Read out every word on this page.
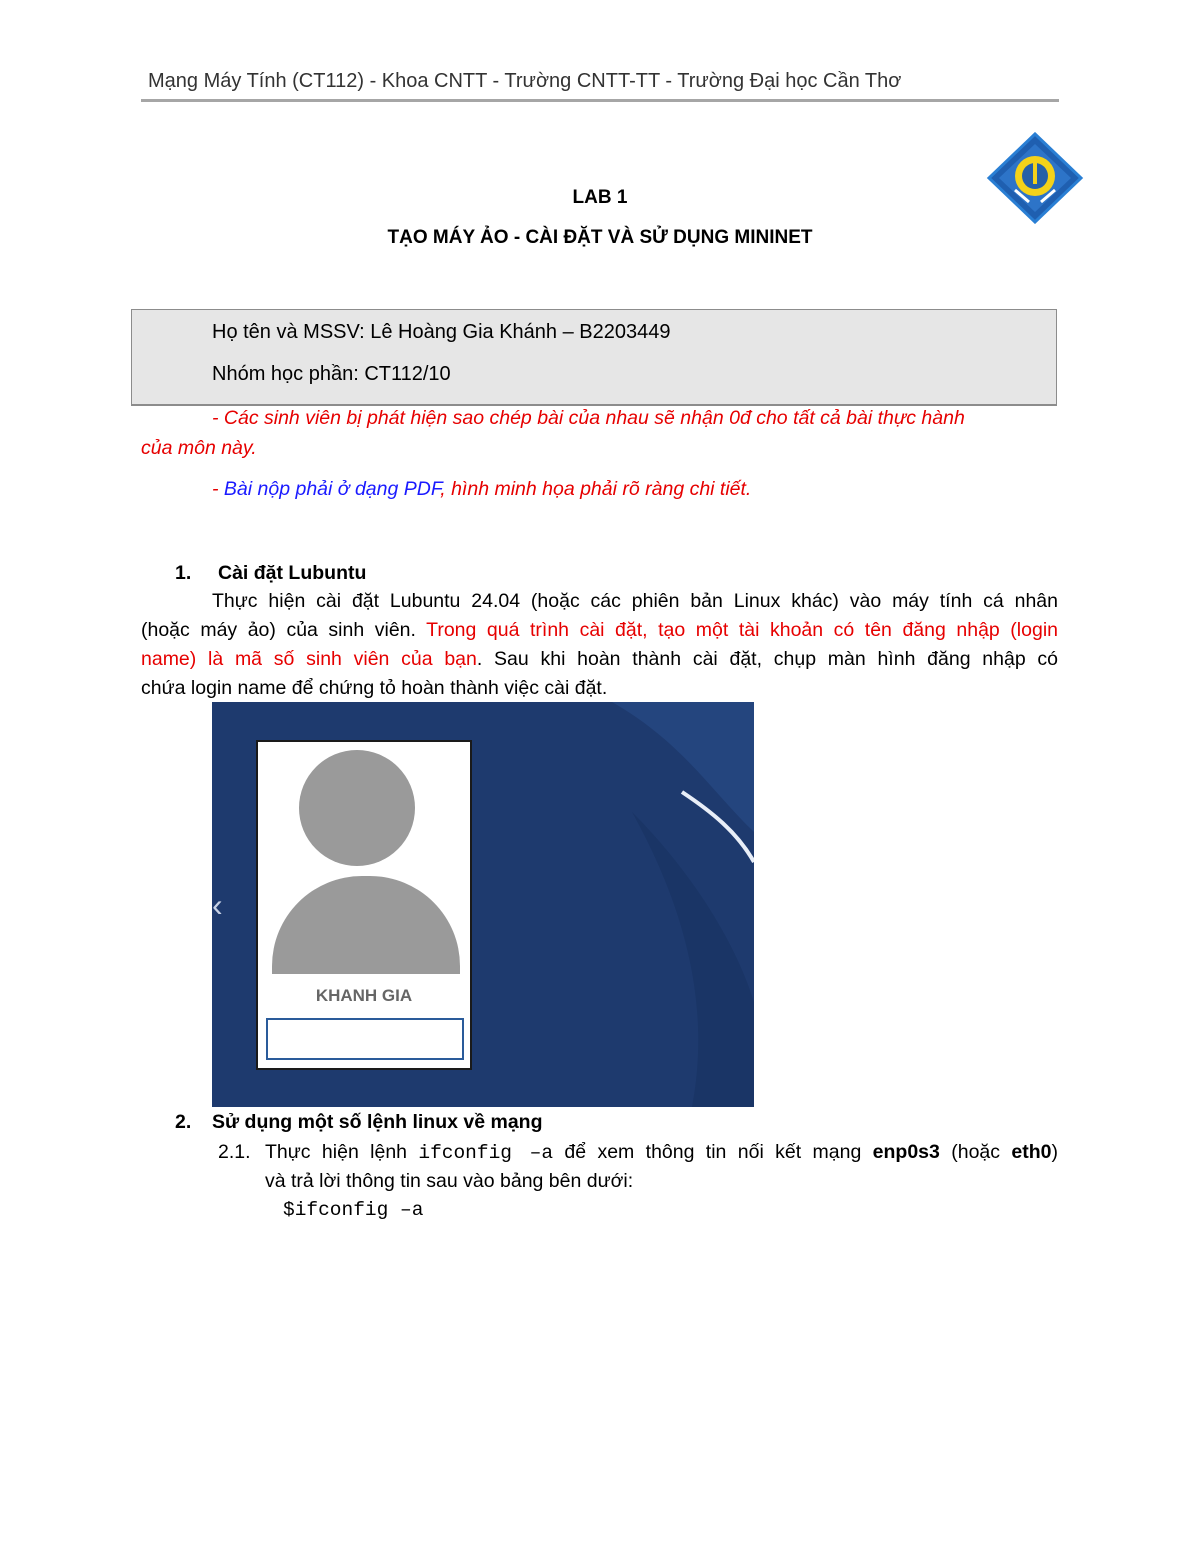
Mạng Máy Tính (CT112) - Khoa CNTT - Trường CNTT-TT - Trường Đại học Cần Thơ
LAB 1
TẠO MÁY ẢO - CÀI ĐẶT VÀ SỬ DỤNG MININET
Họ tên và MSSV: Lê Hoàng Gia Khánh – B2203449
Nhóm học phần: CT112/10
- Các sinh viên bị phát hiện sao chép bài của nhau sẽ nhận 0đ cho tất cả bài thực hành
của môn này.
- Bài nộp phải ở dạng PDF, hình minh họa phải rõ ràng chi tiết.
1. Cài đặt Lubuntu
Thực hiện cài đặt Lubuntu 24.04 (hoặc các phiên bản Linux khác) vào máy tính cá nhân
(hoặc máy ảo) của sinh viên. Trong quá trình cài đặt, tạo một tài khoản có tên đăng nhập (login
name) là mã số sinh viên của bạn. Sau khi hoàn thành cài đặt, chụp màn hình đăng nhập có
chứa login name để chứng tỏ hoàn thành việc cài đặt.
‹
KHANH GIA
2. Sử dụng một số lệnh linux về mạng
2.1. Thực hiện lệnh ifconfig –a để xem thông tin nối kết mạng enp0s3 (hoặc eth0)
và trả lời thông tin sau vào bảng bên dưới:
$ifconfig –a
